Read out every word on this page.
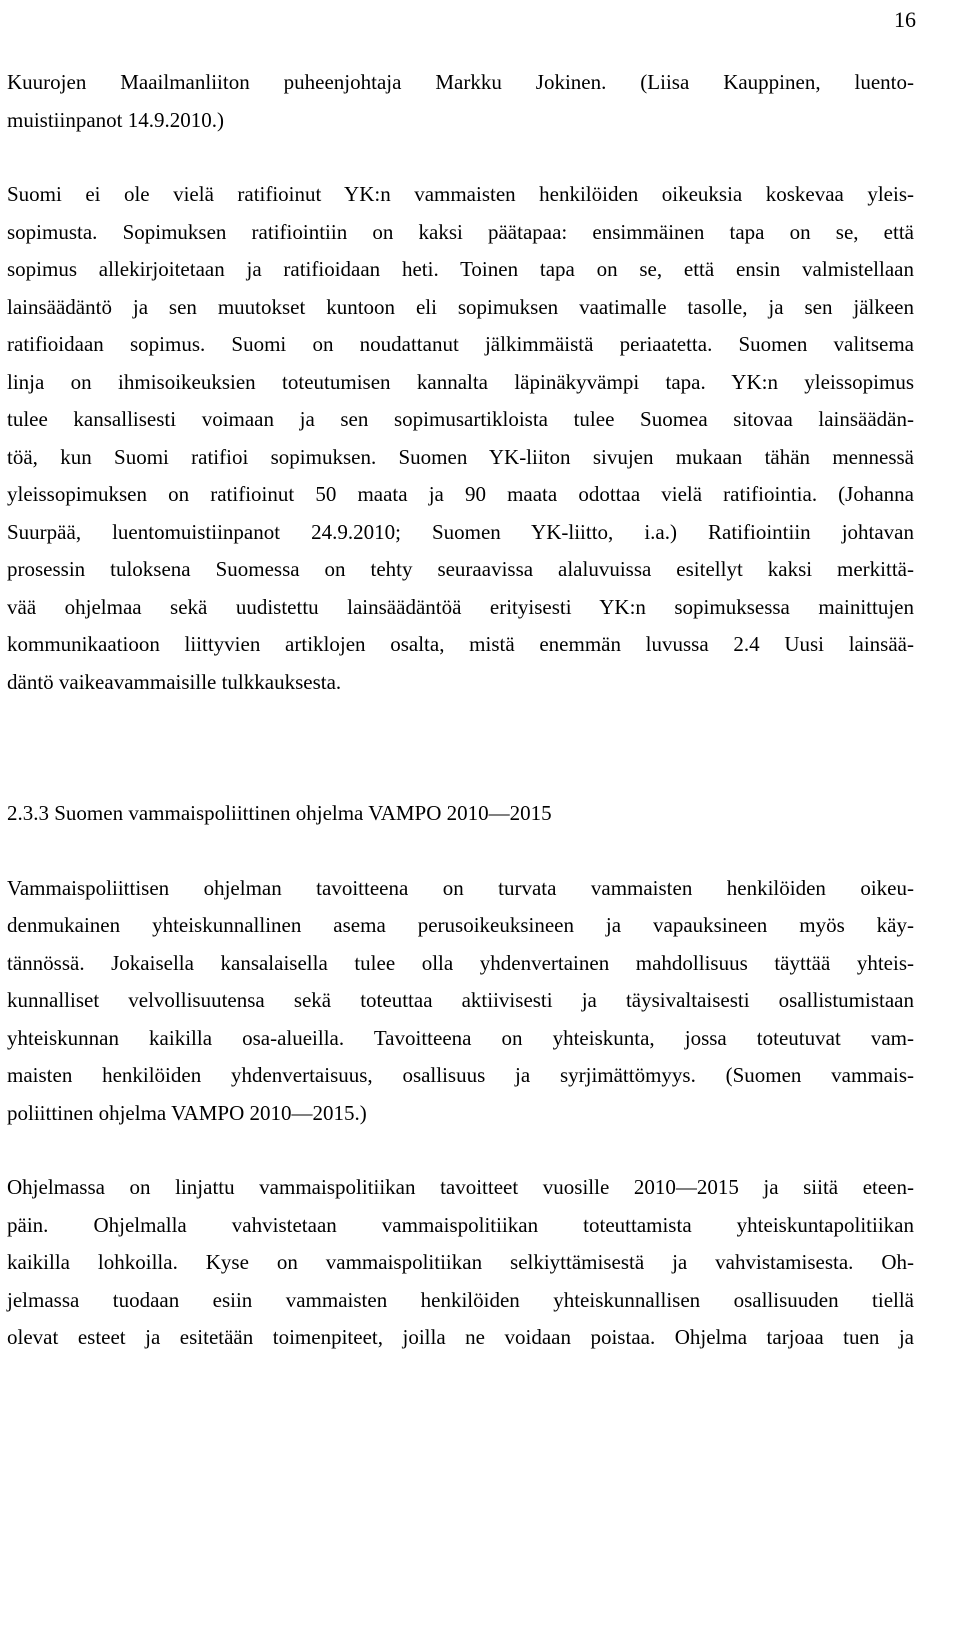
16

Kuurojen Maailmanliiton puheenjohtaja Markku Jokinen. (Liisa Kauppinen, luento-
muistiinpanot 14.9.2010.)

Suomi ei ole vielä ratifioinut YK:n vammaisten henkilöiden oikeuksia koskevaa yleis-
sopimusta. Sopimuksen ratifiointiin on kaksi päätapaa: ensimmäinen tapa on se, että
sopimus allekirjoitetaan ja ratifioidaan heti. Toinen tapa on se, että ensin valmistellaan
lainsäädäntö ja sen muutokset kuntoon eli sopimuksen vaatimalle tasolle, ja sen jälkeen
ratifioidaan sopimus. Suomi on noudattanut jälkimmäistä periaatetta. Suomen valitsema
linja on ihmisoikeuksien toteutumisen kannalta läpinäkyvämpi tapa. YK:n yleissopimus
tulee kansallisesti voimaan ja sen sopimusartikloista tulee Suomea sitovaa lainsäädän-
töä, kun Suomi ratifioi sopimuksen. Suomen YK-liiton sivujen mukaan tähän mennessä
yleissopimuksen on ratifioinut 50 maata ja 90 maata odottaa vielä ratifiointia. (Johanna
Suurpää, luentomuistiinpanot 24.9.2010; Suomen YK-liitto, i.a.) Ratifiointiin johtavan
prosessin tuloksena Suomessa on tehty seuraavissa alaluvuissa esitellyt kaksi merkittä-
vää ohjelmaa sekä uudistettu lainsäädäntöä erityisesti YK:n sopimuksessa mainittujen
kommunikaatioon liittyvien artiklojen osalta, mistä enemmän luvussa 2.4 Uusi lainsää-
däntö vaikeavammaisille tulkkauksesta.

2.3.3 Suomen vammaispoliittinen ohjelma VAMPO 2010—2015

Vammaispoliittisen ohjelman tavoitteena on turvata vammaisten henkilöiden oikeu-
denmukainen yhteiskunnallinen asema perusoikeuksineen ja vapauksineen myös käy-
tännössä. Jokaisella kansalaisella tulee olla yhdenvertainen mahdollisuus täyttää yhteis-
kunnalliset velvollisuutensa sekä toteuttaa aktiivisesti ja täysivaltaisesti osallistumistaan
yhteiskunnan kaikilla osa-alueilla. Tavoitteena on yhteiskunta, jossa toteutuvat vam-
maisten henkilöiden yhdenvertaisuus, osallisuus ja syrjimättömyys. (Suomen vammais-
poliittinen ohjelma VAMPO 2010—2015.)

Ohjelmassa on linjattu vammaispolitiikan tavoitteet vuosille 2010—2015 ja siitä eteen-
päin. Ohjelmalla vahvistetaan vammaispolitiikan toteuttamista yhteiskuntapolitiikan
kaikilla lohkoilla. Kyse on vammaispolitiikan selkiyttämisestä ja vahvistamisesta. Oh-
jelmassa tuodaan esiin vammaisten henkilöiden yhteiskunnallisen osallisuuden tiellä
olevat esteet ja esitetään toimenpiteet, joilla ne voidaan poistaa. Ohjelma tarjoaa tuen ja
